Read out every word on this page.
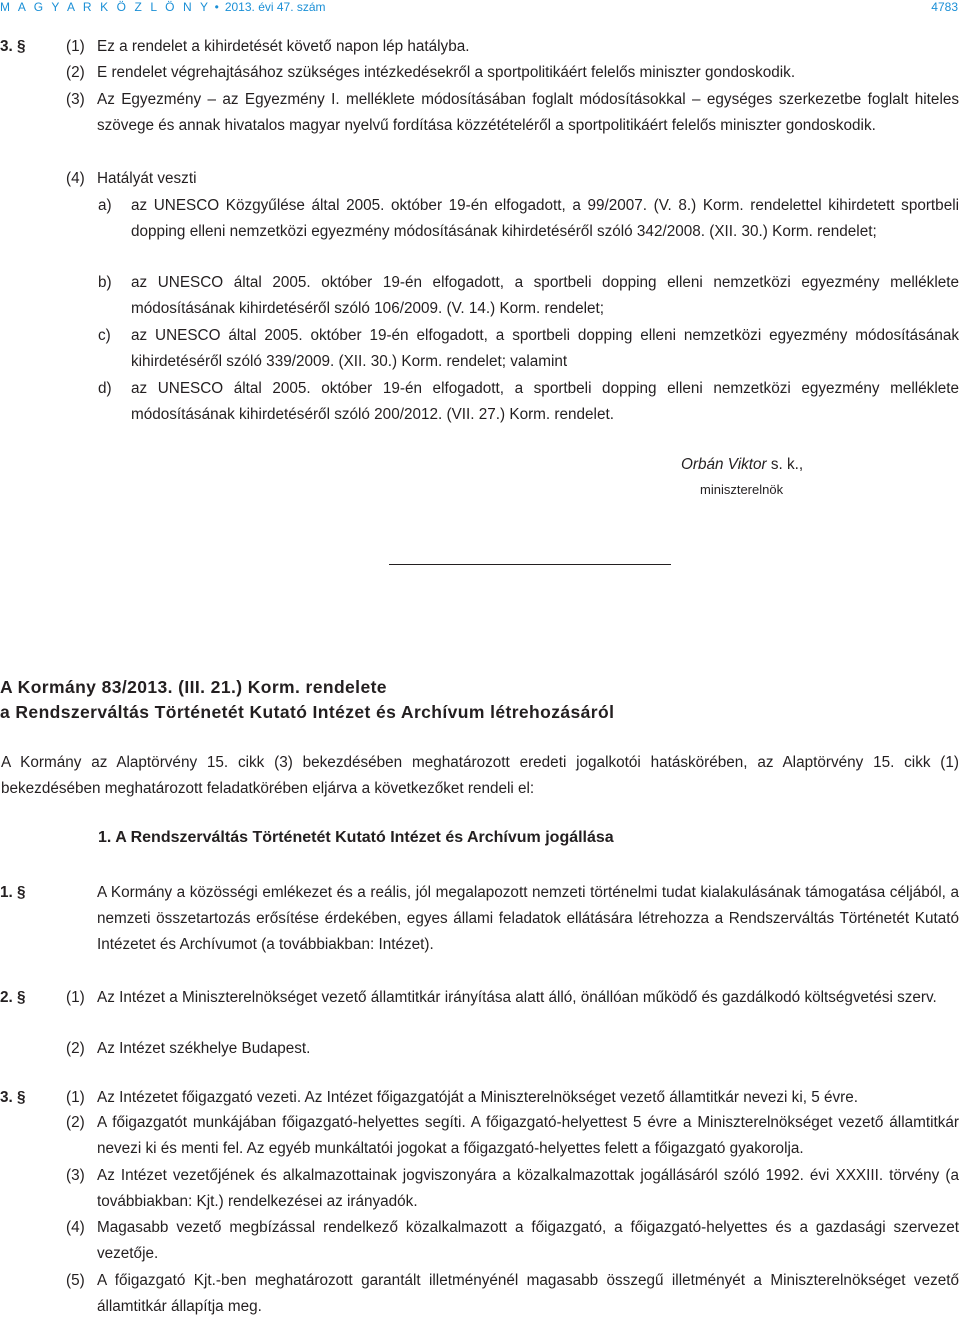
M A G Y A R K Ö Z L Ö N Y • 2013. évi 47. szám	4783
3. §	(1) Ez a rendelet a kihirdetését követő napon lép hatályba.
(2) E rendelet végrehajtásához szükséges intézkedésekről a sportpolitikáért felelős miniszter gondoskodik.
(3) Az Egyezmény – az Egyezmény I. melléklete módosításában foglalt módosításokkal – egységes szerkezetbe foglalt hiteles szövege és annak hivatalos magyar nyelvű fordítása közzétételéről a sportpolitikáért felelős miniszter gondoskodik.
(4) Hatályát veszti
a) az UNESCO Közgyűlése által 2005. október 19-én elfogadott, a 99/2007. (V. 8.) Korm. rendelettel kihirdetett sportbeli dopping elleni nemzetközi egyezmény módosításának kihirdetéséről szóló 342/2008. (XII. 30.) Korm. rendelet;
b) az UNESCO által 2005. október 19-én elfogadott, a sportbeli dopping elleni nemzetközi egyezmény melléklete módosításának kihirdetéséről szóló 106/2009. (V. 14.) Korm. rendelet;
c) az UNESCO által 2005. október 19-én elfogadott, a sportbeli dopping elleni nemzetközi egyezmény módosításának kihirdetéséről szóló 339/2009. (XII. 30.) Korm. rendelet; valamint
d) az UNESCO által 2005. október 19-én elfogadott, a sportbeli dopping elleni nemzetközi egyezmény melléklete módosításának kihirdetéséről szóló 200/2012. (VII. 27.) Korm. rendelet.
Orbán Viktor s. k.,
miniszterelnök
A Kormány 83/2013. (III. 21.) Korm. rendelete
a Rendszerváltás Történetét Kutató Intézet és Archívum létrehozásáról
A Kormány az Alaptörvény 15. cikk (3) bekezdésében meghatározott eredeti jogalkotói hatáskörében, az Alaptörvény 15. cikk (1) bekezdésében meghatározott feladatkörében eljárva a következőket rendeli el:
1. A Rendszerváltás Történetét Kutató Intézet és Archívum jogállása
1. §	A Kormány a közösségi emlékezet és a reális, jól megalapozott nemzeti történelmi tudat kialakulásának támogatása céljából, a nemzeti összetartozás erősítése érdekében, egyes állami feladatok ellátására létrehozza a Rendszerváltás Történetét Kutató Intézetet és Archívumot (a továbbiakban: Intézet).
2. §	(1) Az Intézet a Miniszterelnökséget vezető államtitkár irányítása alatt álló, önállóan működő és gazdálkodó költségvetési szerv.
(2) Az Intézet székhelye Budapest.
3. §	(1) Az Intézetet főigazgató vezeti. Az Intézet főigazgatóját a Miniszterelnökséget vezető államtitkár nevezi ki, 5 évre.
(2) A főigazgatót munkájában főigazgató-helyettes segíti. A főigazgató-helyettest 5 évre a Miniszterelnökséget vezető államtitkár nevezi ki és menti fel. Az egyéb munkáltatói jogokat a főigazgató-helyettes felett a főigazgató gyakorolja.
(3) Az Intézet vezetőjének és alkalmazottainak jogviszonyára a közalkalmazottak jogállásáról szóló 1992. évi XXXIII. törvény (a továbbiakban: Kjt.) rendelkezései az irányadók.
(4) Magasabb vezető megbízással rendelkező közalkalmazott a főigazgató, a főigazgató-helyettes és a gazdasági szervezet vezetője.
(5) A főigazgató Kjt.-ben meghatározott garantált illetményénél magasabb összegű illetményét a Miniszterelnökséget vezető államtitkár állapítja meg.
